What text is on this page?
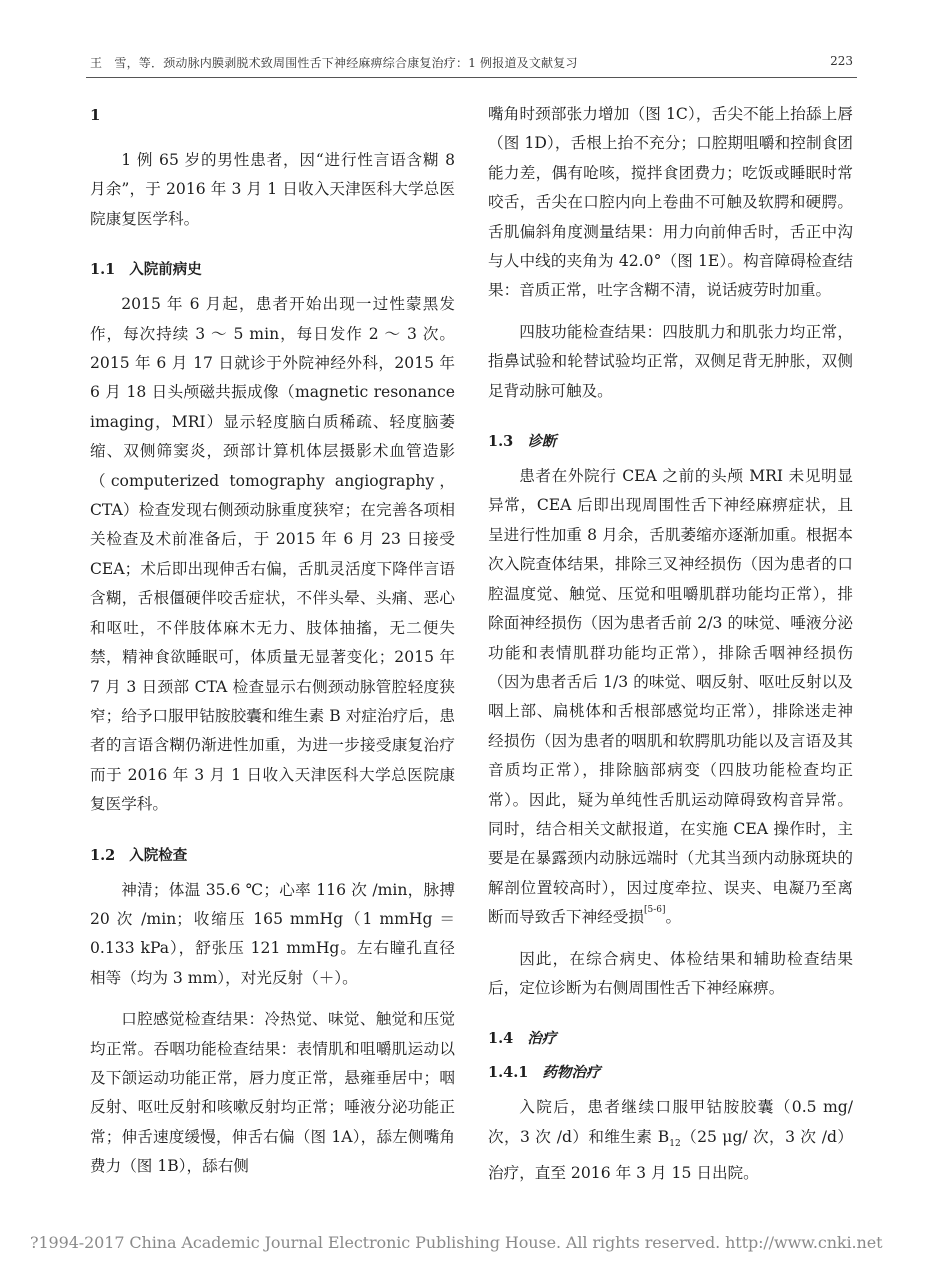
王　雪，等．颈动脉内膜剥脱术致周围性舌下神经麻痹综合康复治疗：1 例报道及文献复习	223
1

1 例 65 岁的男性患者，因“进行性言语含糊 8 月余”，于 2016 年 3 月 1 日收入天津医科大学总医院康复医学科。

1.1 入院前病史

2015 年 6 月起，患者开始出现一过性蒙黑发作，每次持续 3 ～ 5 min，每日发作 2 ～ 3 次。2015 年 6 月 17 日就诊于外院神经外科，2015 年 6 月 18 日头颅磁共振成像（magnetic resonance imaging，MRI）显示轻度脑白质稀疏、轻度脑萎缩、双侧筛窦炎，颈部计算机体层摄影术血管造影（computerized tomography angiography，CTA）检查发现右侧颈动脉重度狭窄；在完善各项相关检查及术前准备后，于 2015 年 6 月 23 日接受 CEA；术后即出现伸舌右偏，舌肌灵活度下降伴言语含糊，舌根僵硬伴咬舌症状，不伴头晕、头痛、恶心和呕吐，不伴肢体麻木无力、肢体抽搐，无二便失禁，精神食欲睡眠可，体质量无显著变化；2015 年 7 月 3 日颈部 CTA 检查显示右侧颈动脉管腔轻度狭窄；给予口服甲钴胺胶囊和维生素 B 对症治疗后，患者的言语含糊仍渐进性加重，为进一步接受康复治疗而于 2016 年 3 月 1 日收入天津医科大学总医院康复医学科。

1.2 入院检查

神清；体温 35.6 ℃；心率 116 次 /min，脉搏 20 次 /min；收缩压 165 mmHg（1 mmHg ＝ 0.133 kPa），舒张压 121 mmHg。左右瞳孔直径相等（均为 3 mm），对光反射（＋）。

口腔感觉检查结果：冷热觉、味觉、触觉和压觉均正常。吞咽功能检查结果：表情肌和咀嚼肌运动以及下颌运动功能正常，唇力度正常，悬雍垂居中；咽反射、呕吐反射和咳嗽反射均正常；唾液分泌功能正常；伸舌速度缓慢，伸舌右偏（图 1A），舔左侧嘴角费力（图 1B），舔右侧

嘴角时颈部张力增加（图 1C），舌尖不能上抬舔上唇（图 1D），舌根上抬不充分；口腔期咀嚼和控制食团能力差，偶有呛咳，搅拌食团费力；吃饭或睡眠时常咬舌，舌尖在口腔内向上卷曲不可触及软腭和硬腭。舌肌偏斜角度测量结果：用力向前伸舌时，舌正中沟与人中线的夹角为 42.0°（图 1E）。构音障碍检查结果：音质正常，吐字含糊不清，说话疲劳时加重。

四肢功能检查结果：四肢肌力和肌张力均正常，指鼻试验和轮替试验均正常，双侧足背无肿胀，双侧足背动脉可触及。

1.3 诊断

患者在外院行 CEA 之前的头颅 MRI 未见明显异常，CEA 后即出现周围性舌下神经麻痹症状，且呈进行性加重 8 月余，舌肌萎缩亦逐渐加重。根据本次入院查体结果，排除三叉神经损伤（因为患者的口腔温度觉、触觉、压觉和咀嚼肌群功能均正常），排除面神经损伤（因为患者舌前 2/3 的味觉、唾液分泌功能和表情肌群功能均正常），排除舌咽神经损伤（因为患者舌后 1/3 的味觉、咽反射、呕吐反射以及咽上部、扁桃体和舌根部感觉均正常），排除迷走神经损伤（因为患者的咽肌和软腭肌功能以及言语及其音质均正常），排除脑部病变（四肢功能检查均正常）。因此，疑为单纯性舌肌运动障碍致构音异常。同时，结合相关文献报道，在实施 CEA 操作时，主要是在暴露颈内动脉远端时（尤其当颈内动脉斑块的解剖位置较高时），因过度牵拉、误夹、电凝乃至离断而导致舌下神经受损[5-6]。

因此，在综合病史、体检结果和辅助检查结果后，定位诊断为右侧周围性舌下神经麻痹。

1.4 治疗
1.4.1 药物治疗

入院后，患者继续口服甲钴胺胶囊（0.5 mg/ 次，3 次 /d）和维生素 $B_{12}(25$ μg/ 次，3 次 /d）治疗，直至 2016 年 3 月 15 日出院。

?1994-2017 China Academic Journal Electronic Publishing House. All rights reserved. http://www.cnki.net
